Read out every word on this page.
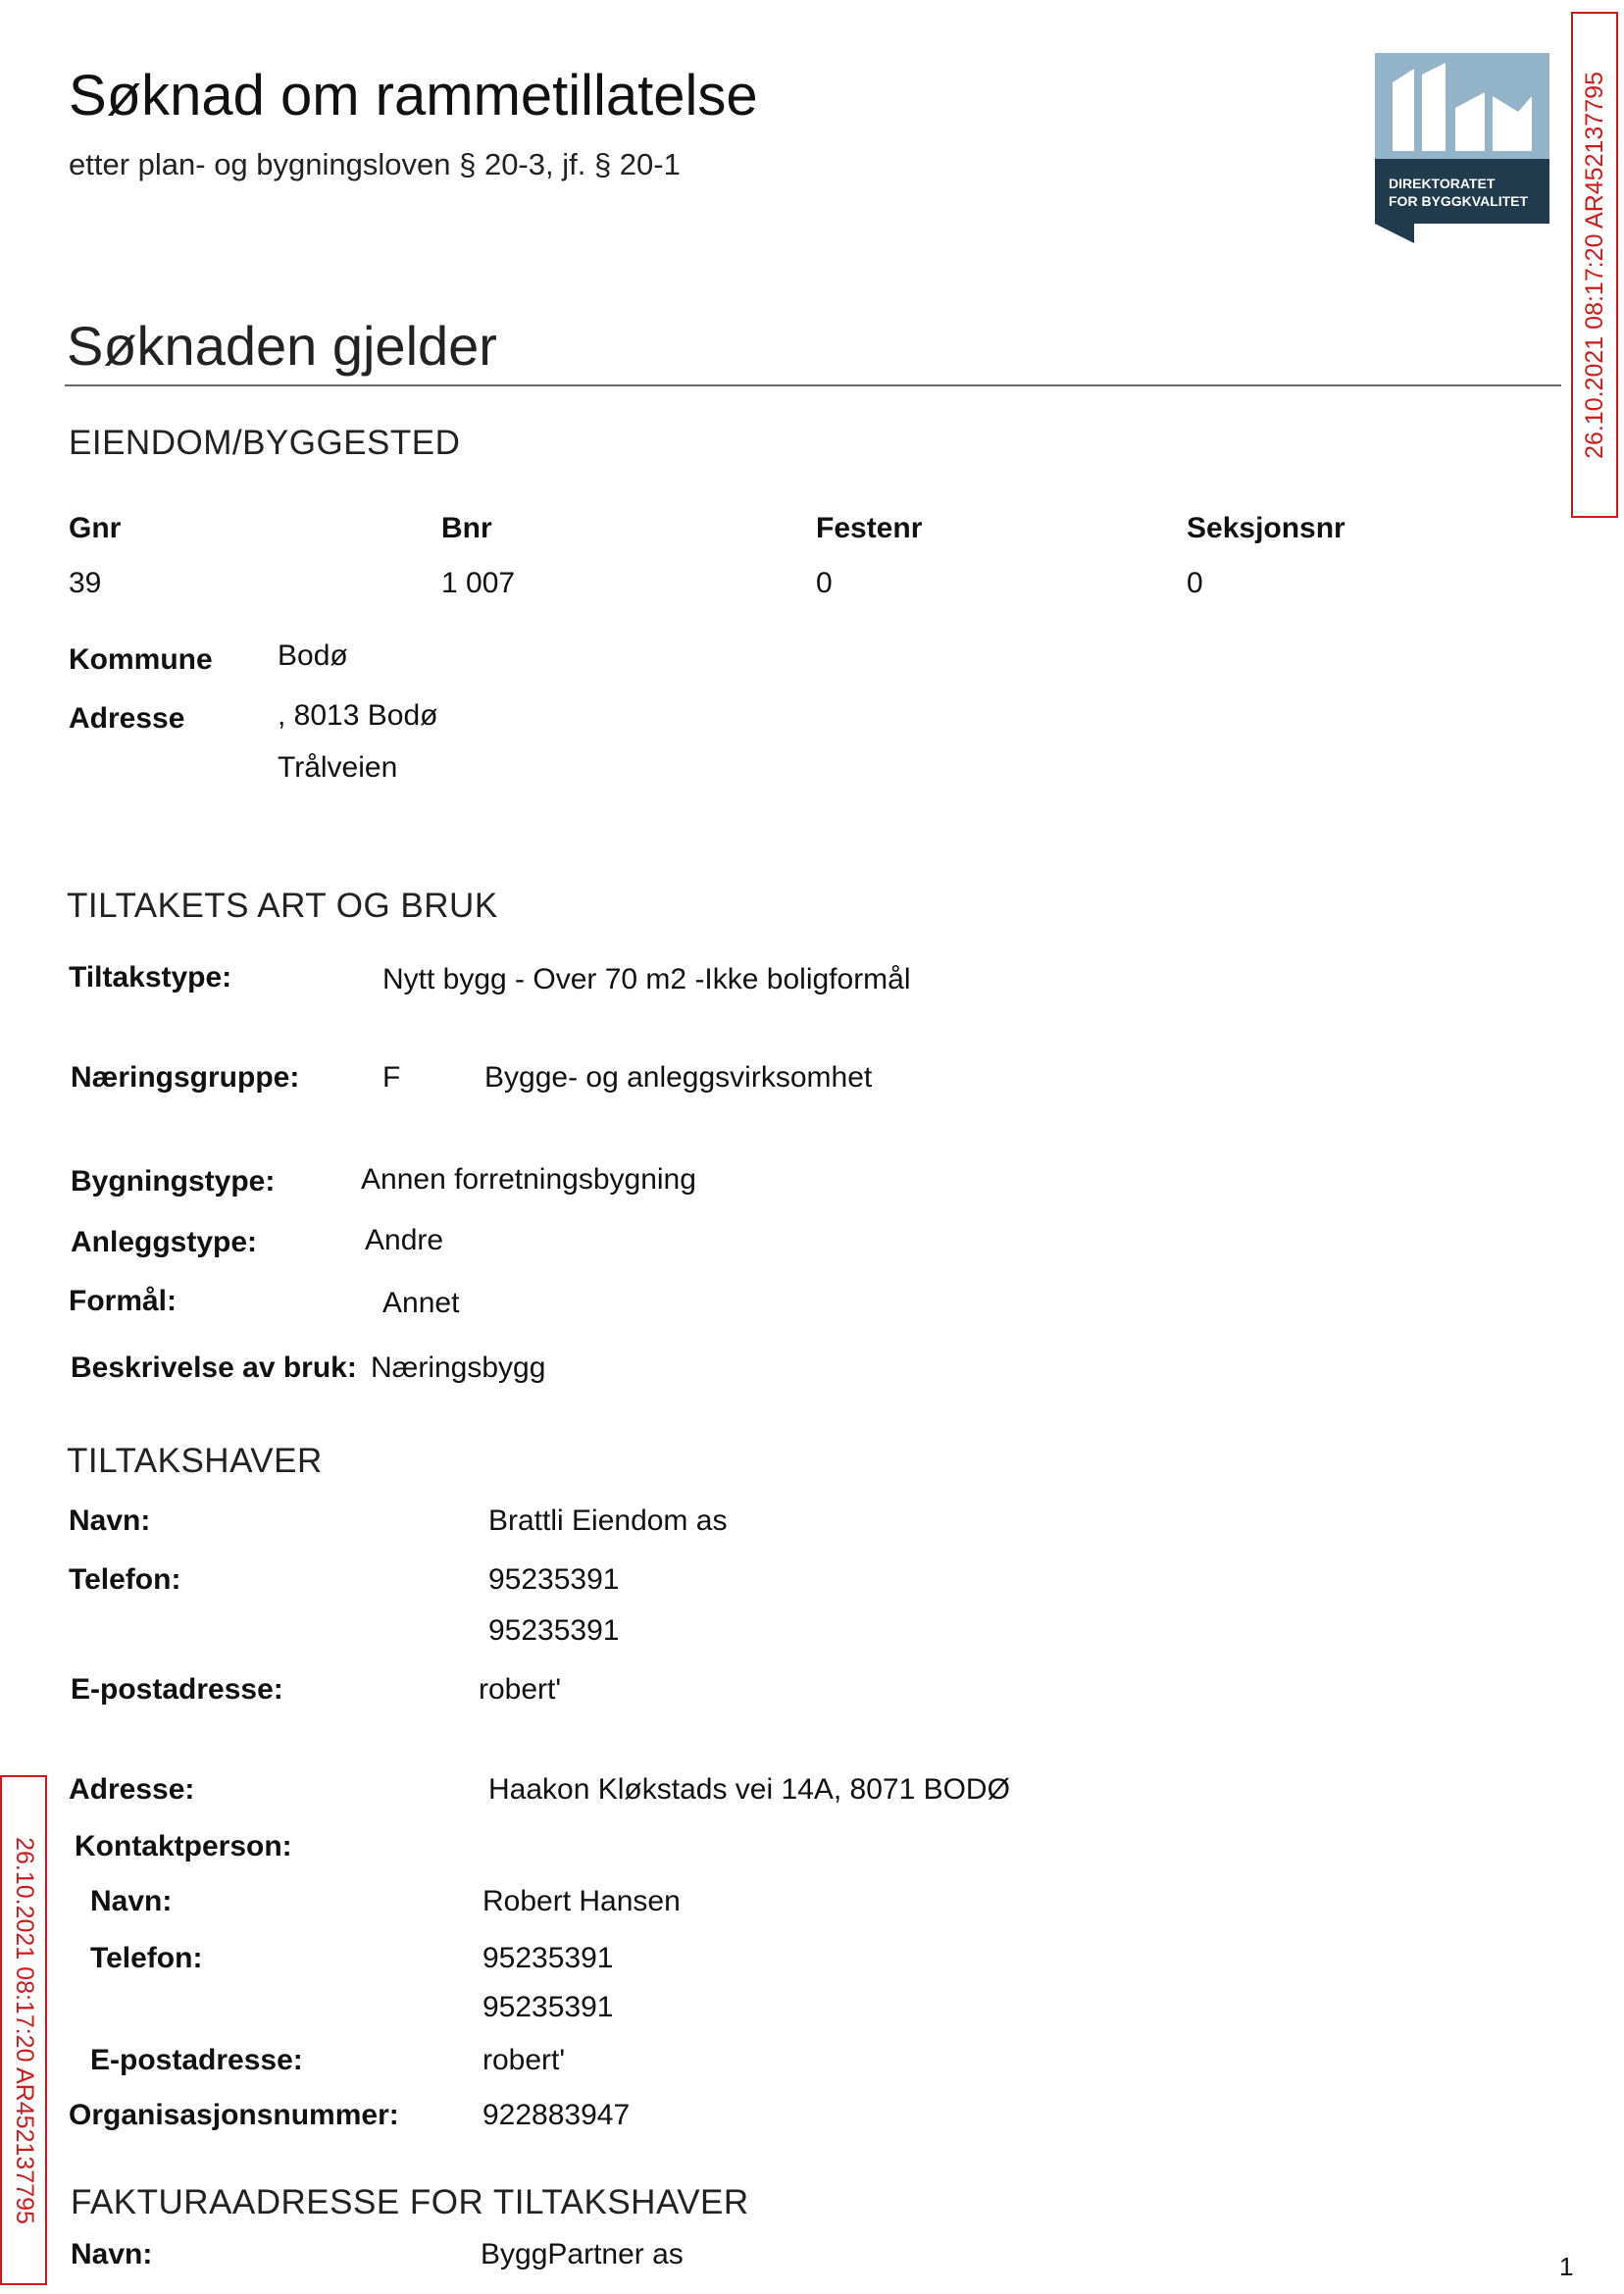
Søknad om rammetillatelse
etter plan- og bygningsloven § 20-3, jf. § 20-1
DIREKTORATET
FOR BYGGKVALITET 26.10.2021 08:17:20 AR452137795
26.10.2021 08:17:20 AR452137795
Søknaden gjelder
EIENDOM/BYGGESTED
Gnr	Bnr	Festenr	Seksjonsnr
39	1 007	0	0
Kommune Bodø
Adresse	, 8013 Bodø
Trålveien
TILTAKETS ART OG BRUK
Tiltakstype:	Nytt bygg - Over 70 m2 -Ikke boligformål
Næringsgruppe:	F	Bygge- og anleggsvirksomhet
Bygningstype:	Annen forretningsbygning
Anleggstype:	Andre
Formål:	Annet
Beskrivelse av bruk: Næringsbygg
TILTAKSHAVER
Navn:	Brattli Eiendom as
Telefon:	95235391
95235391
E-postadresse:	robert'
Adresse:	Haakon Kløkstads vei 14A, 8071 BODØ
Kontaktperson:
Navn:	Robert Hansen
Telefon:	95235391
95235391
E-postadresse:	robert'
Organisasjonsnummer:	922883947
FAKTURAADRESSE FOR TILTAKSHAVER
Navn:	ByggPartner as	1
